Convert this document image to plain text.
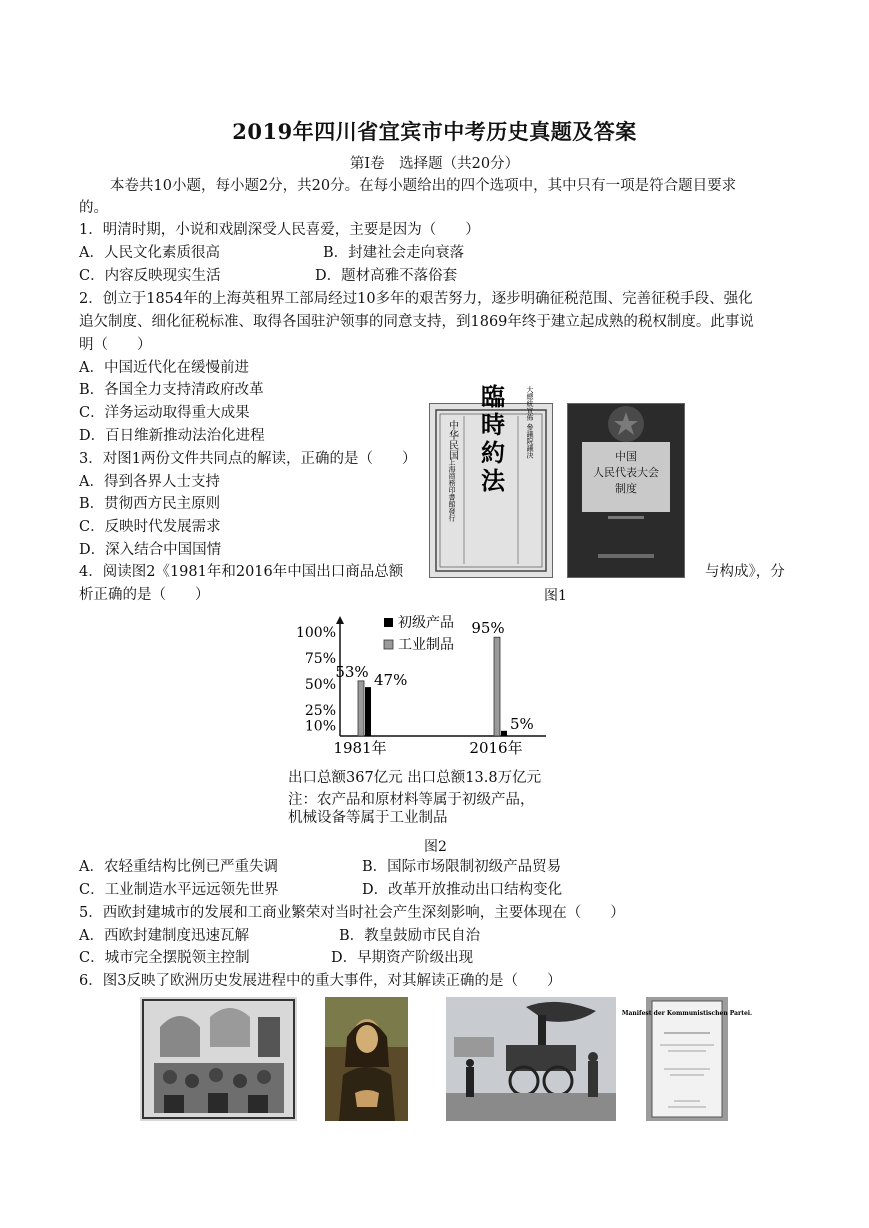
2019年四川省宜宾市中考历史真题及答案
第Ⅰ卷　选择题（共20分）
本卷共10小题，每小题2分，共20分。在每小题给出的四个选项中，其中只有一项是符合题目要求
的。
1．明清时期，小说和戏剧深受人民喜爱，主要是因为（　　）
A．人民文化素质很高	B．封建社会走向衰落
C．内容反映现实生活	D．题材高雅不落俗套
2．创立于1854年的上海英租界工部局经过10多年的艰苦努力，逐步明确征税范围、完善征税手段、强化
追欠制度、细化征税标准、取得各国驻沪领事的同意支持，到1869年终于建立起成熟的税权制度。此事说
明（　　）
A．中国近代化在缓慢前进
B．各国全力支持清政府改革
C．洋务运动取得重大成果
D．百日维新推动法治化进程
3．对图1两份文件共同点的解读，正确的是（　　）
A．得到各界人士支持
B．贯彻西方民主原则
C．反映时代发展需求
D．深入结合中国国情
中华民国 臨時約法	大總統宣佈 參議院議決
上海商務印書館發行
中国
人民代表大会
制度
4．阅读图2《1981年和2016年中国出口商品总额	与构成》，分
析正确的是（　　）	图1
10%
25%
50%
75%
100%
47%
53%
5%
95%
初级产品
工业制品
1981年	2016年
出口总额367亿元 出口总额13.8万亿元
注：农产品和原材料等属于初级产品，
机械设备等属于工业制品
图2
A．农轻重结构比例已严重失调	B．国际市场限制初级产品贸易
C．工业制造水平远远领先世界	D．改革开放推动出口结构变化
5．西欧封建城市的发展和工商业繁荣对当时社会产生深刻影响，主要体现在（　　）
A．西欧封建制度迅速瓦解	B．教皇鼓励市民自治
C．城市完全摆脱领主控制	D．早期资产阶级出现
6．图3反映了欧洲历史发展进程中的重大事件，对其解读正确的是（　　）
Manifest der Kommunistischen Partei.
